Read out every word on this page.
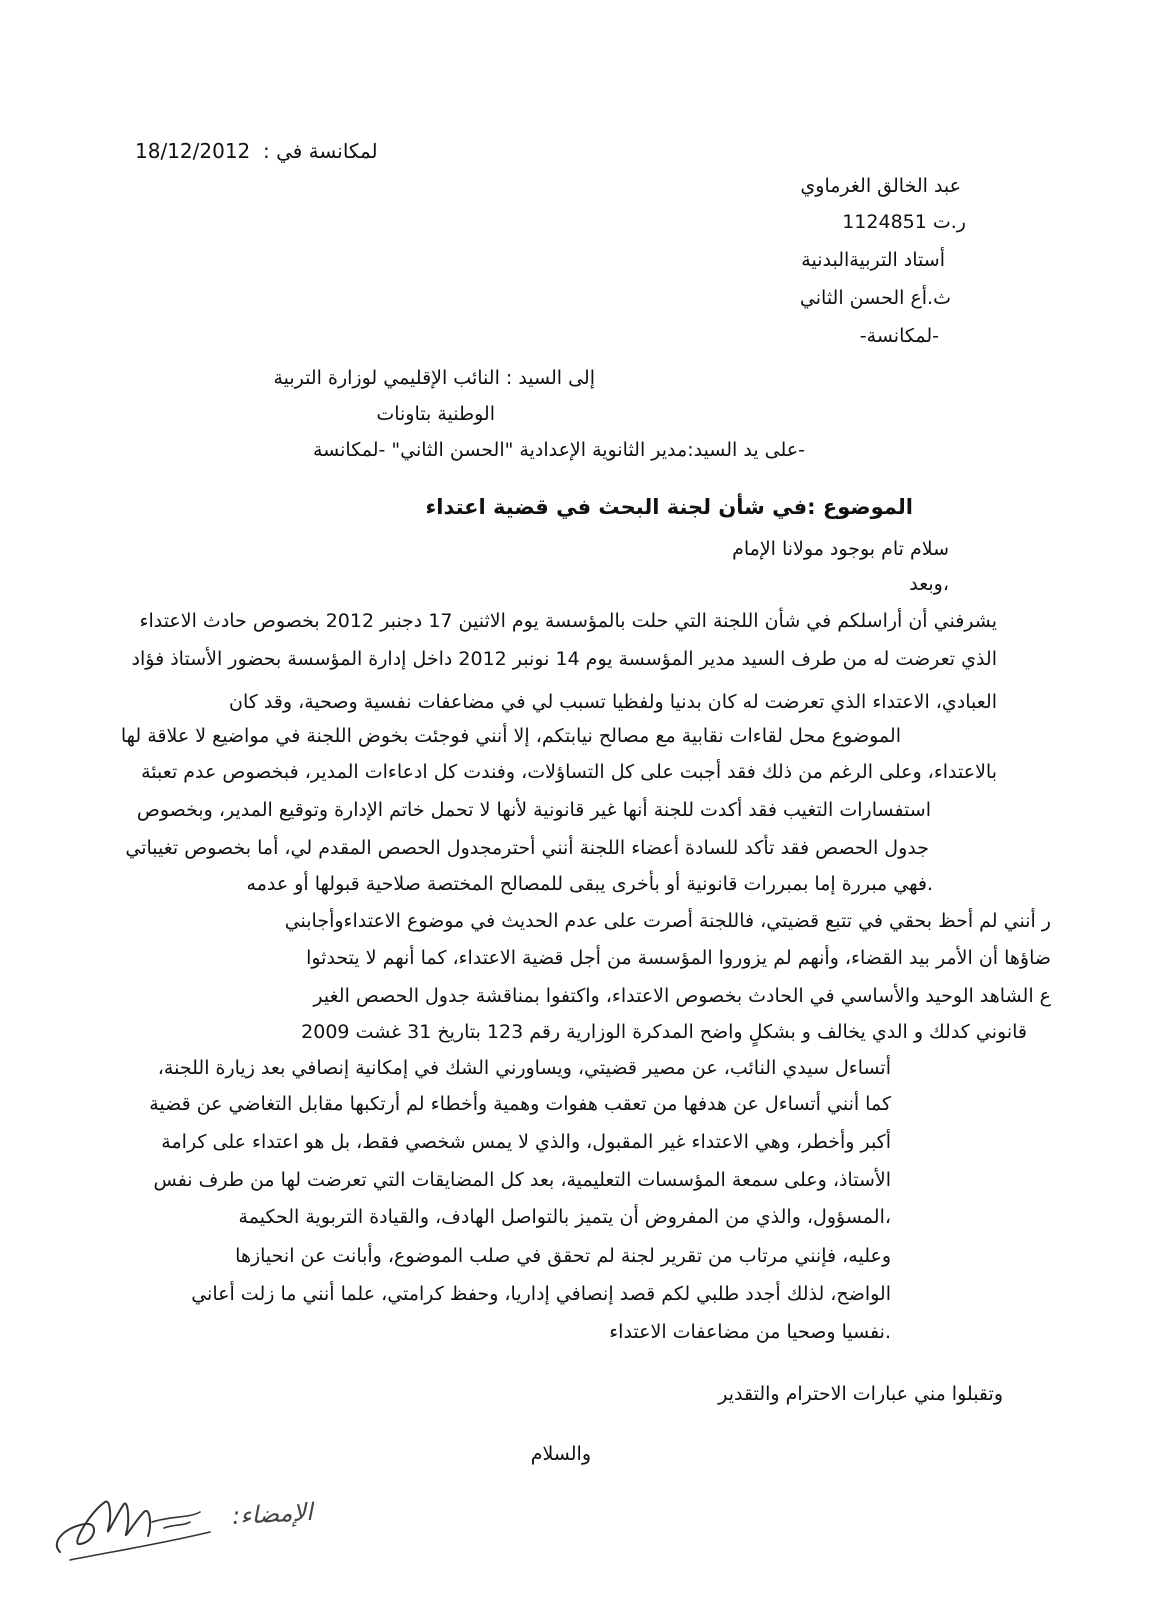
18/12/2012 لمكانسة في :

عبد الخالق الغرماوي

ر.ت 1124851

أستاد التربيةالبدنية

ث.أع الحسن الثاني

-لمكانسة-

إلى السيد : النائب الإقليمي لوزارة التربية

الوطنية بتاونات

-على يد السيد:مدير الثانوية الإعدادية "الحسن الثاني" -لمكانسة

الموضوع :في شأن لجنة البحث في قضية اعتداء

سلام تام بوجود مولانا الإمام

،وبعد

يشرفني أن أراسلكم في شأن اللجنة التي حلت بالمؤسسة يوم الاثنين 17 دجنبر 2012 بخصوص حادث الاعتداء

الذي تعرضت له من طرف السيد مدير المؤسسة يوم 14 نونبر 2012 داخل إدارة المؤسسة بحضور الأستاذ فؤاد

العبادي، الاعتداء الذي تعرضت له كان بدنيا ولفظيا تسبب لي في مضاعفات نفسية وصحية، وقد كان

الموضوع محل لقاءات نقابية مع مصالح نيابتكم، إلا أنني فوجئت بخوض اللجنة في مواضيع لا علاقة لها

بالاعتداء، وعلى الرغم من ذلك فقد أجبت على كل التساؤلات، وفندت كل ادعاءات المدير، فبخصوص عدم تعبئة

استفسارات التغيب فقد أكدت للجنة أنها غير قانونية لأنها لا تحمل خاتم الإدارة وتوقيع المدير، وبخصوص

جدول الحصص فقد تأكد للسادة أعضاء اللجنة أنني أحترمجدول الحصص المقدم لي، أما بخصوص تغيباتي

.فهي مبررة إما بمبررات قانونية أو بأخرى يبقى للمصالح المختصة صلاحية قبولها أو عدمه

ر أنني لم أحظ بحقي في تتبع قضيتي، فاللجنة أصرت على عدم الحديث في موضوع الاعتداءوأجابني

ضاؤها أن الأمر بيد القضاء، وأنهم لم يزوروا المؤسسة من أجل قضية الاعتداء، كما أنهم لا يتحدثوا

ع الشاهد الوحيد والأساسي في الحادث بخصوص الاعتداء، واكتفوا بمناقشة جدول الحصص الغير

قانوني كدلك و الدي يخالف و بشكلٍ واضح المدكرة الوزارية رقم 123 بتاريخ 31 غشت 2009

أتساءل سيدي النائب، عن مصير قضيتي، ويساورني الشك في إمكانية إنصافي بعد زيارة اللجنة،

كما أنني أتساءل عن هدفها من تعقب هفوات وهمية وأخطاء لم أرتكبها مقابل التغاضي عن قضية

أكبر وأخطر، وهي الاعتداء غير المقبول، والذي لا يمس شخصي فقط، بل هو اعتداء على كرامة

الأستاذ، وعلى سمعة المؤسسات التعليمية، بعد كل المضايقات التي تعرضت لها من طرف نفس

،المسؤول، والذي من المفروض أن يتميز بالتواصل الهادف، والقيادة التربوية الحكيمة

وعليه، فإنني مرتاب من تقرير لجنة لم تحقق في صلب الموضوع، وأبانت عن انحيازها

الواضح، لذلك أجدد طلبي لكم قصد إنصافي إداريا، وحفظ كرامتي، علما أنني ما زلت أعاني

.نفسيا وصحيا من مضاعفات الاعتداء

وتقبلوا مني عبارات الاحترام والتقدير

والسلام

الإمضاء:
